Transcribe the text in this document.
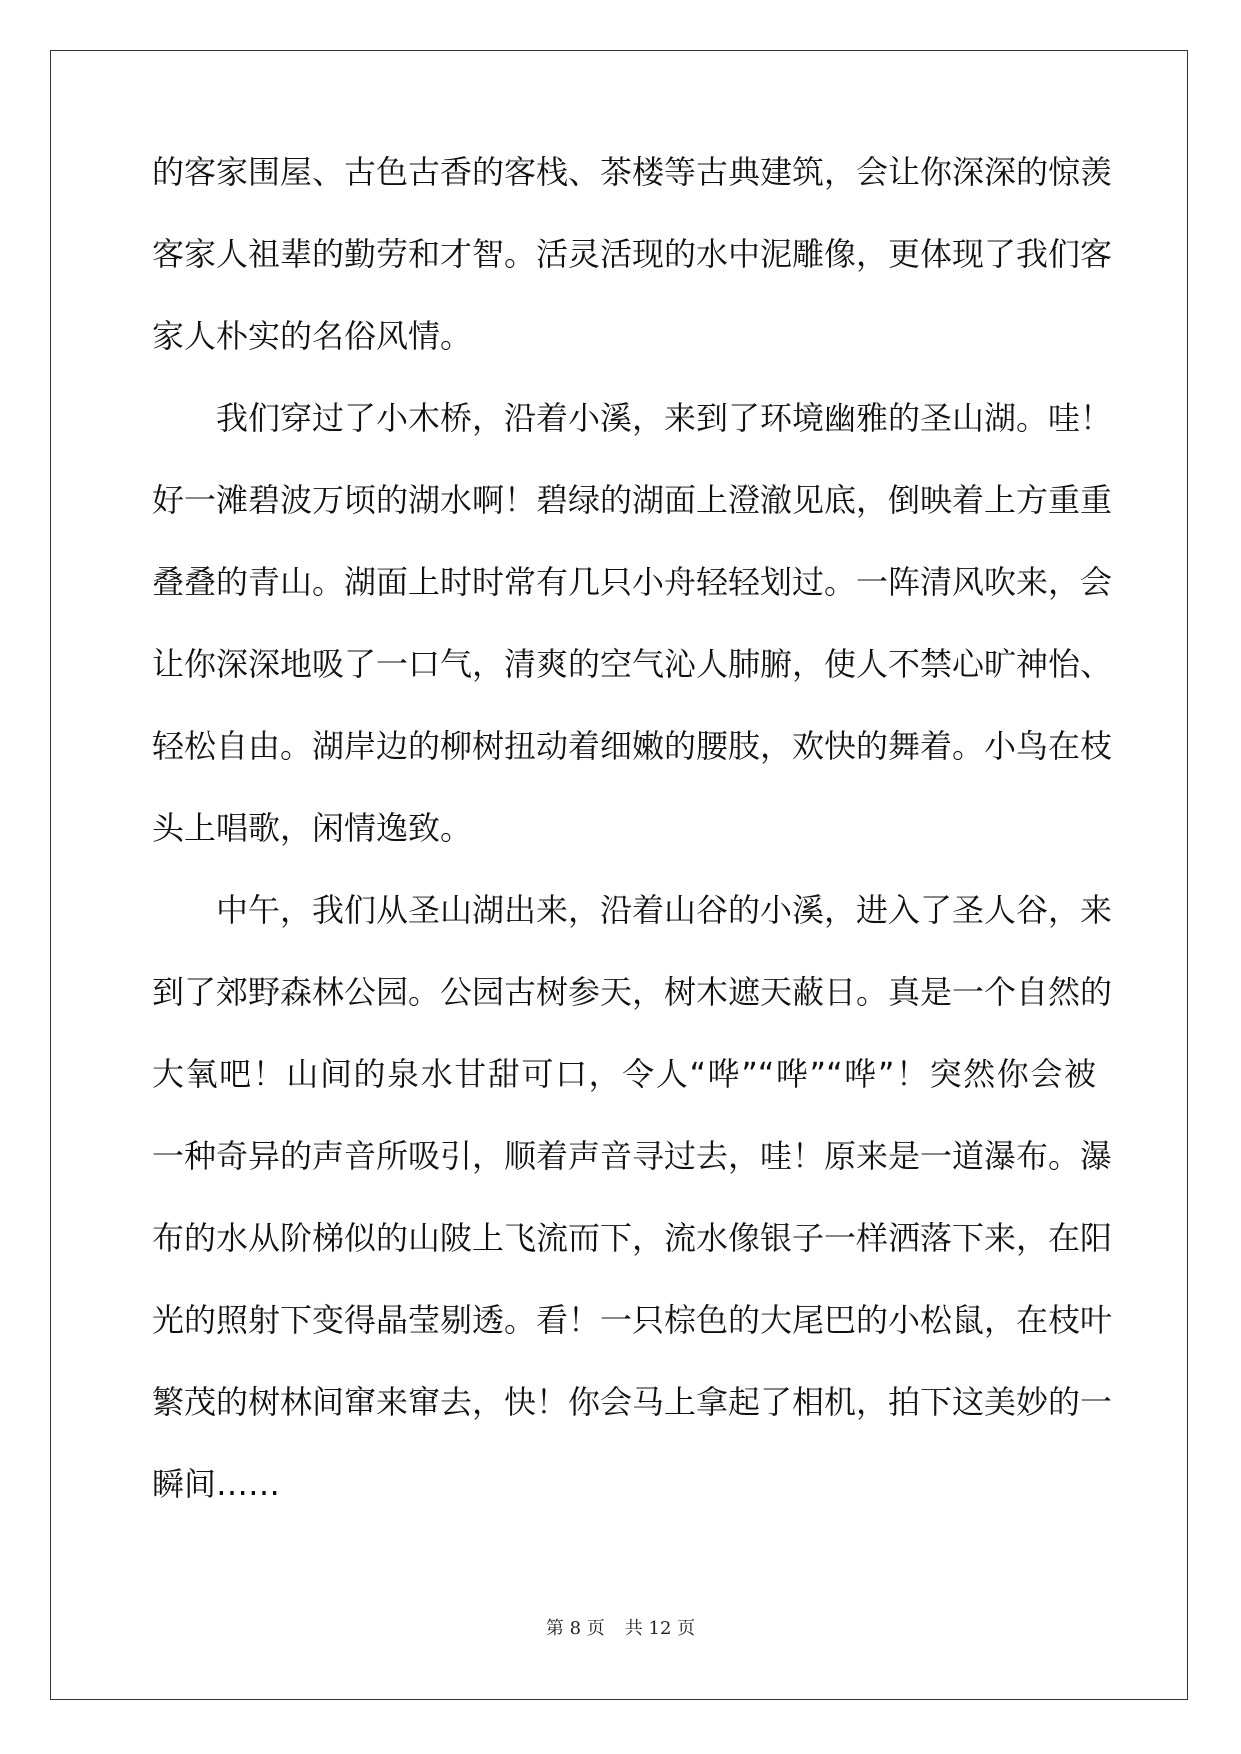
的客家围屋、古色古香的客栈、茶楼等古典建筑，会让你深深的惊羡
客家人祖辈的勤劳和才智。活灵活现的水中泥雕像，更体现了我们客
家人朴实的名俗风情。
我们穿过了小木桥，沿着小溪，来到了环境幽雅的圣山湖。哇！
好一滩碧波万顷的湖水啊！碧绿的湖面上澄澈见底，倒映着上方重重
叠叠的青山。湖面上时时常有几只小舟轻轻划过。一阵清风吹来，会
让你深深地吸了一口气，清爽的空气沁人肺腑，使人不禁心旷神怡、
轻松自由。湖岸边的柳树扭动着细嫩的腰肢，欢快的舞着。小鸟在枝
头上唱歌，闲情逸致。
中午，我们从圣山湖出来，沿着山谷的小溪，进入了圣人谷，来
到了郊野森林公园。公园古树参天，树木遮天蔽日。真是一个自然的
大氧吧！山间的泉水甘甜可口，令人“哗”“哗”“哗”！突然你会被
一种奇异的声音所吸引，顺着声音寻过去，哇！原来是一道瀑布。瀑
布的水从阶梯似的山陂上飞流而下，流水像银子一样洒落下来，在阳
光的照射下变得晶莹剔透。看！一只棕色的大尾巴的小松鼠，在枝叶
繁茂的树林间窜来窜去，快！你会马上拿起了相机，拍下这美妙的一
瞬间……
第 8 页 共 12 页
